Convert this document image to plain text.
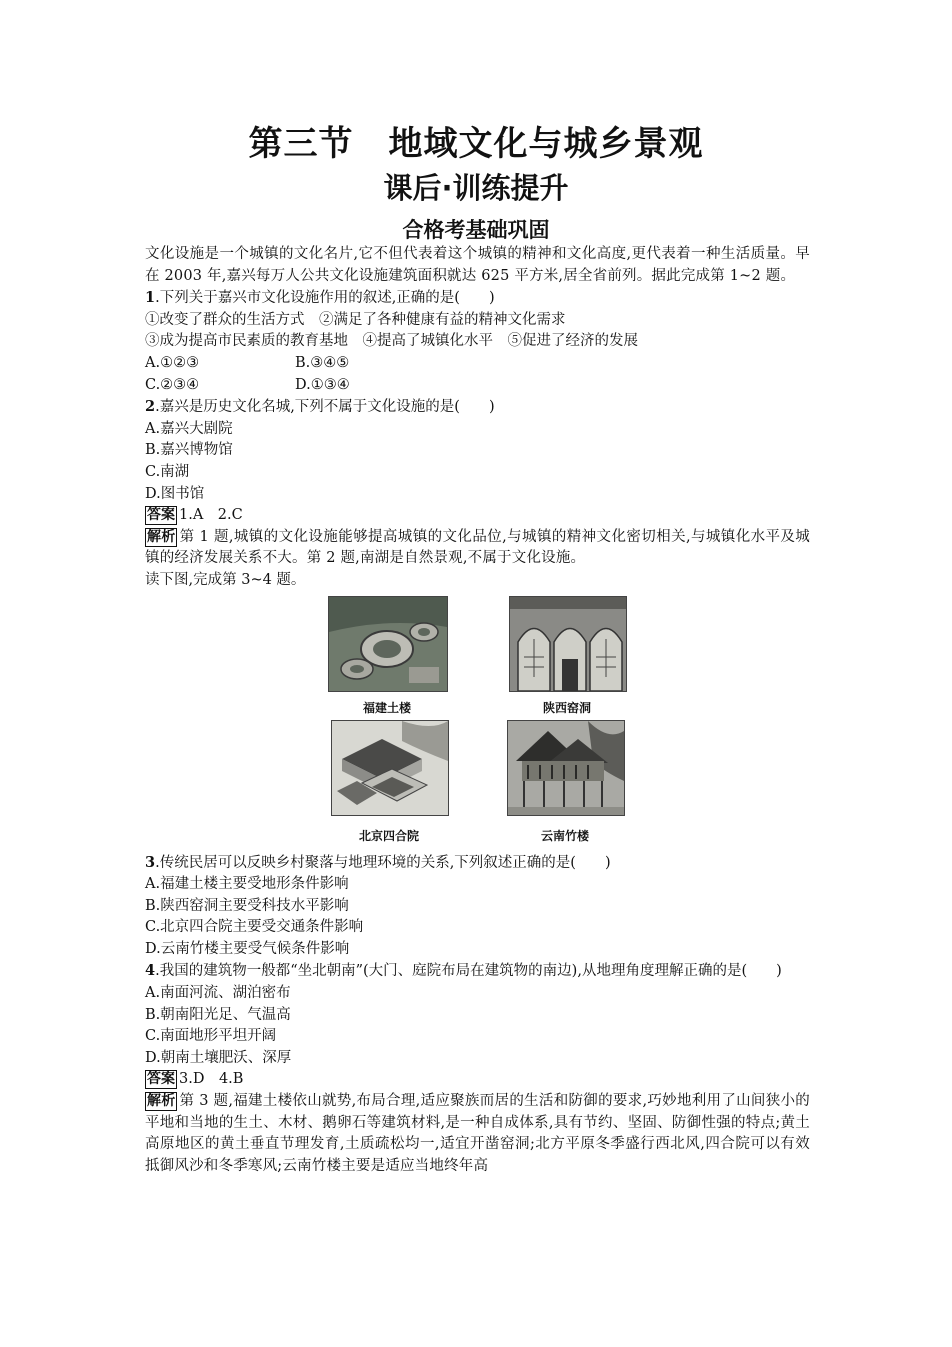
第三节　地域文化与城乡景观
课后·训练提升
合格考基础巩固

文化设施是一个城镇的文化名片,它不但代表着这个城镇的精神和文化高度,更代表着一种生活质量。早在 2003 年,嘉兴每万人公共文化设施建筑面积就达 625 平方米,居全省前列。据此完成第 1~2 题。

1.下列关于嘉兴市文化设施作用的叙述,正确的是(　　)

①改变了群众的生活方式　②满足了各种健康有益的精神文化需求

③成为提高市民素质的教育基地　④提高了城镇化水平　⑤促进了经济的发展

A.①②③	B.③④⑤
C.②③④	D.①③④

2.嘉兴是历史文化名城,下列不属于文化设施的是(　　)

A.嘉兴大剧院

B.嘉兴博物馆

C.南湖

D.图书馆

答案 1.A　2.C

解析 第 1 题,城镇的文化设施能够提高城镇的文化品位,与城镇的精神文化密切相关,与城镇化水平及城镇的经济发展关系不大。第 2 题,南湖是自然景观,不属于文化设施。

读下图,完成第 3~4 题。

福建土楼	陕西窑洞
北京四合院	云南竹楼

3.传统民居可以反映乡村聚落与地理环境的关系,下列叙述正确的是(　　)

A.福建土楼主要受地形条件影响

B.陕西窑洞主要受科技水平影响

C.北京四合院主要受交通条件影响

D.云南竹楼主要受气候条件影响

4.我国的建筑物一般都“坐北朝南”(大门、庭院布局在建筑物的南边),从地理角度理解正确的是(　　)

A.南面河流、湖泊密布

B.朝南阳光足、气温高

C.南面地形平坦开阔

D.朝南土壤肥沃、深厚

答案 3.D　4.B

解析 第 3 题,福建土楼依山就势,布局合理,适应聚族而居的生活和防御的要求,巧妙地利用了山间狭小的平地和当地的生土、木材、鹅卵石等建筑材料,是一种自成体系,具有节约、坚固、防御性强的特点;黄土高原地区的黄土垂直节理发育,土质疏松均一,适宜开凿窑洞;北方平原冬季盛行西北风,四合院可以有效抵御风沙和冬季寒风;云南竹楼主要是适应当地终年高
